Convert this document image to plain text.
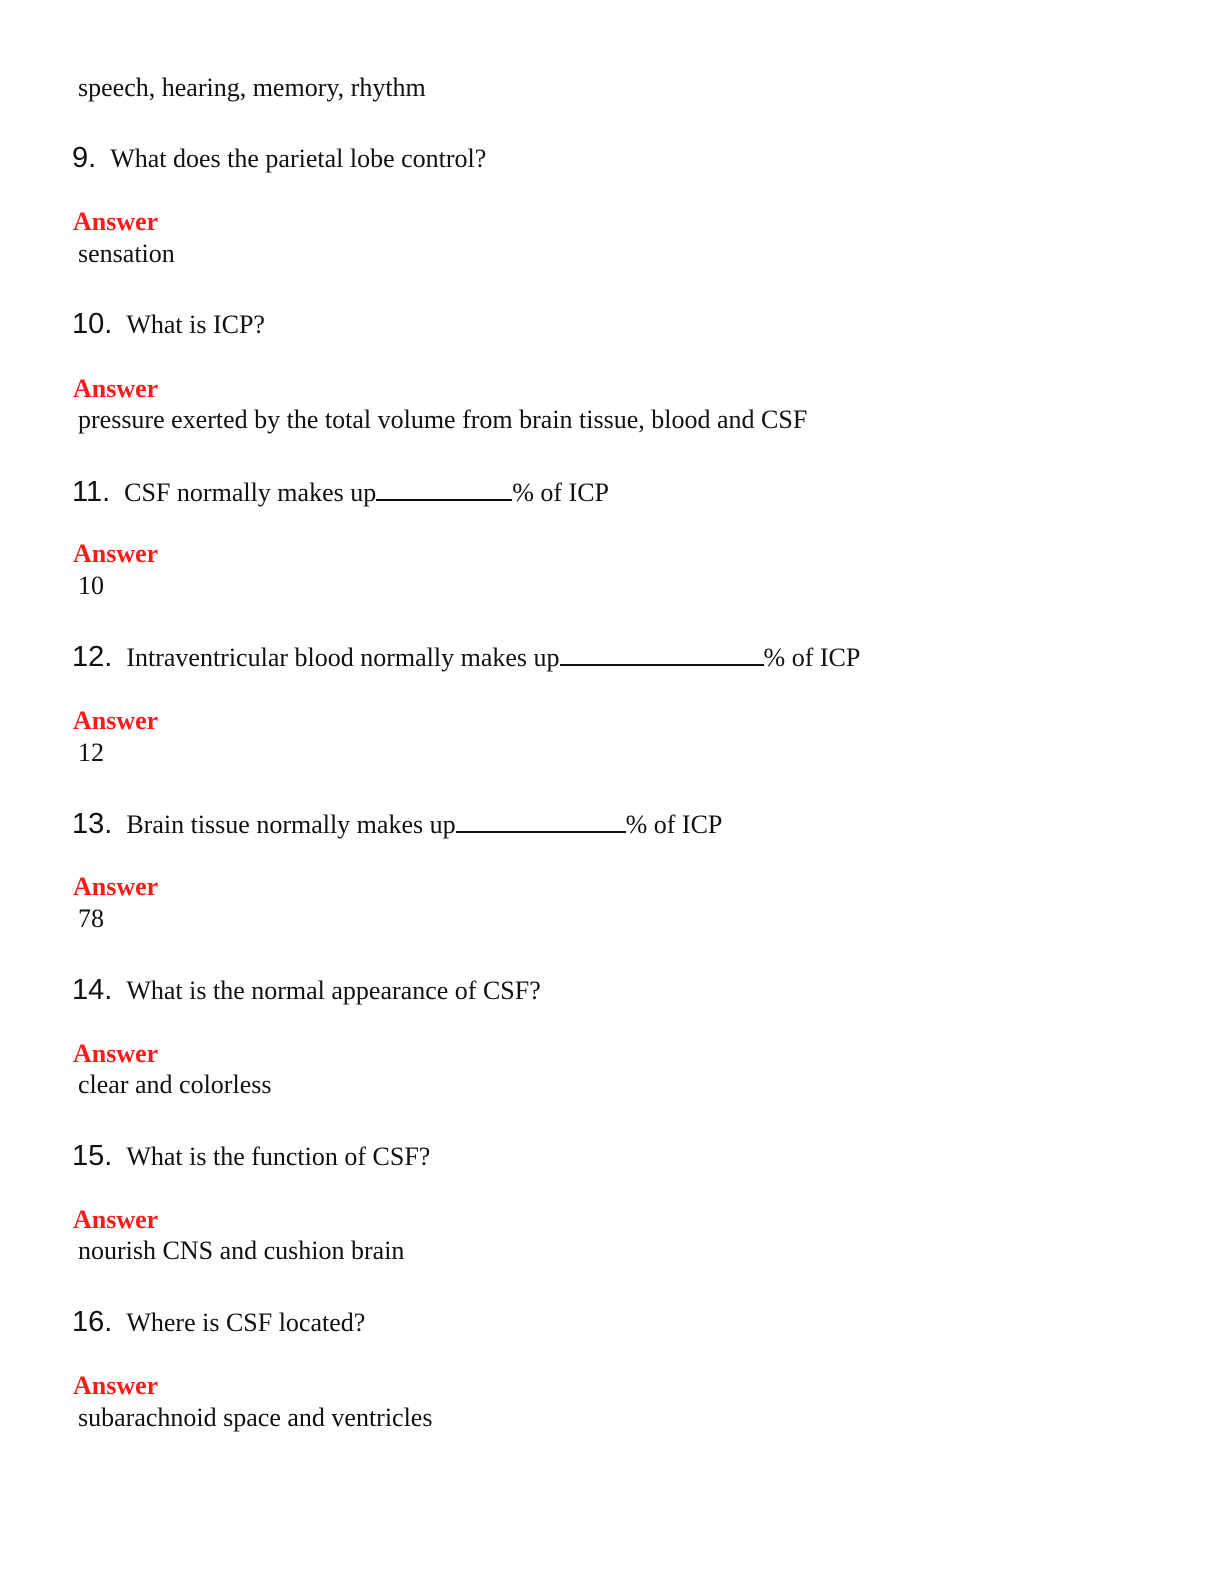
speech, hearing, memory, rhythm
9. What does the parietal lobe control?
Answer
sensation
10. What is ICP?
Answer
pressure exerted by the total volume from brain tissue, blood and CSF
11. CSF normally makes up	% of ICP
Answer
10
12. Intraventricular blood normally makes up	% of ICP
Answer
12
13. Brain tissue normally makes up	% of ICP
Answer
78
14. What is the normal appearance of CSF?
Answer
clear and colorless
15. What is the function of CSF?
Answer
nourish CNS and cushion brain
16. Where is CSF located?
Answer
subarachnoid space and ventricles
